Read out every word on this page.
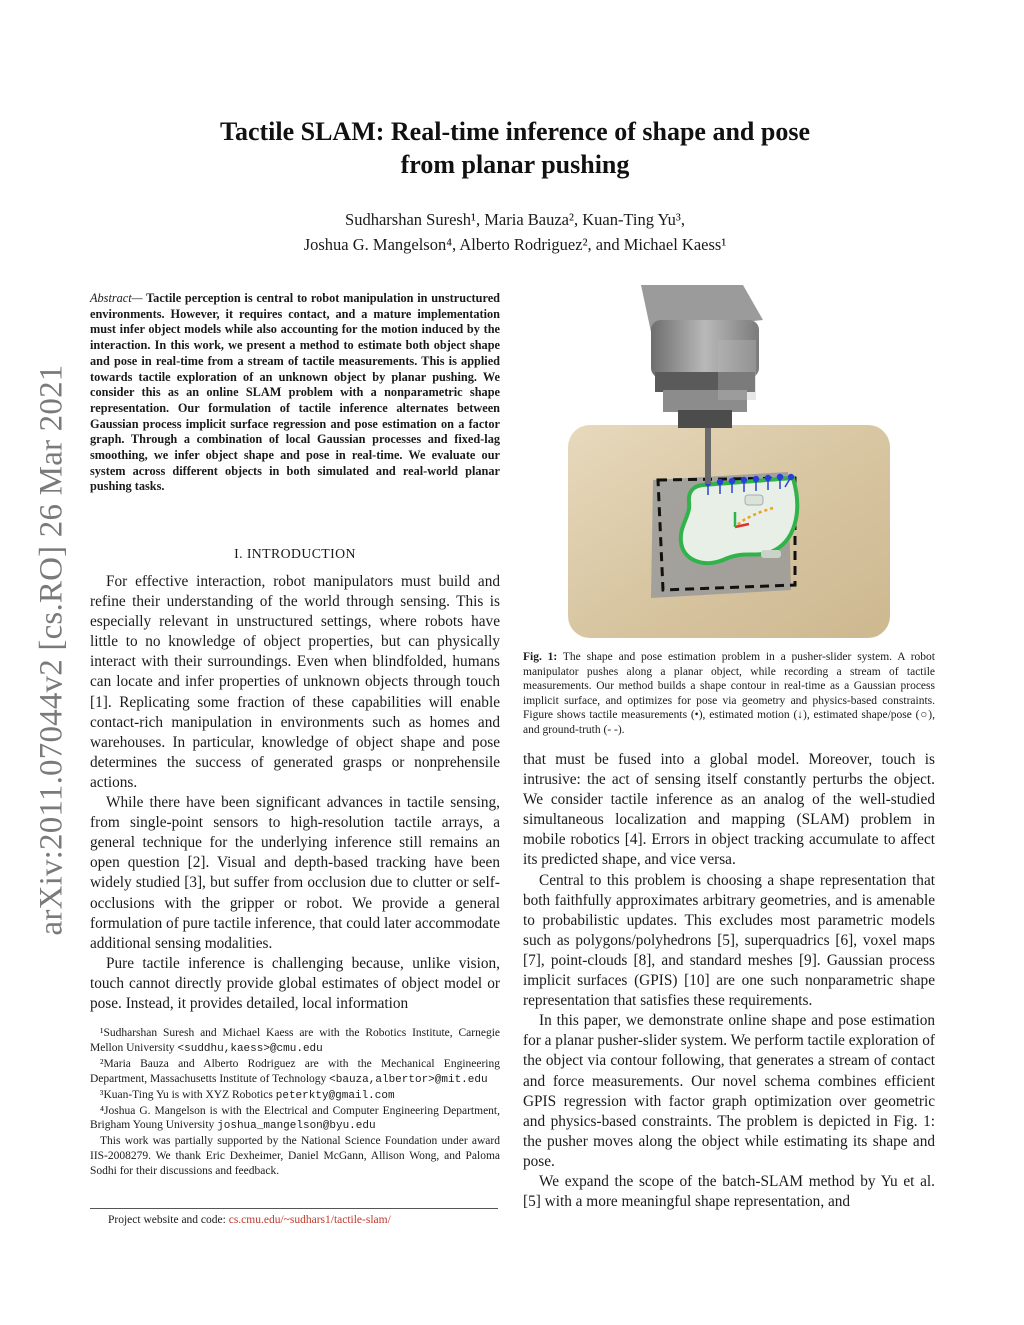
arXiv:2011.07044v2 [cs.RO] 26 Mar 2021
Tactile SLAM: Real-time inference of shape and pose
from planar pushing
Sudharshan Suresh¹, Maria Bauza², Kuan-Ting Yu³,
Joshua G. Mangelson⁴, Alberto Rodriguez², and Michael Kaess¹
Abstract— Tactile perception is central to robot manipulation in unstructured environments. However, it requires contact, and a mature implementation must infer object models while also accounting for the motion induced by the interaction. In this work, we present a method to estimate both object shape and pose in real-time from a stream of tactile measurements. This is applied towards tactile exploration of an unknown object by planar pushing. We consider this as an online SLAM problem with a nonparametric shape representation. Our formulation of tactile inference alternates between Gaussian process implicit surface regression and pose estimation on a factor graph. Through a combination of local Gaussian processes and fixed-lag smoothing, we infer object shape and pose in real-time. We evaluate our system across different objects in both simulated and real-world planar pushing tasks.
I. INTRODUCTION

For effective interaction, robot manipulators must build and refine their understanding of the world through sensing. This is especially relevant in unstructured settings, where robots have little to no knowledge of object properties, but can physically interact with their surroundings. Even when blindfolded, humans can locate and infer properties of unknown objects through touch [1]. Replicating some fraction of these capabilities will enable contact-rich manipulation in environments such as homes and warehouses. In particular, knowledge of object shape and pose determines the success of generated grasps or nonprehensile actions.

While there have been significant advances in tactile sensing, from single-point sensors to high-resolution tactile arrays, a general technique for the underlying inference still remains an open question [2]. Visual and depth-based tracking have been widely studied [3], but suffer from occlusion due to clutter or self-occlusions with the gripper or robot. We provide a general formulation of pure tactile inference, that could later accommodate additional sensing modalities.

Pure tactile inference is challenging because, unlike vision, touch cannot directly provide global estimates of object model or pose. Instead, it provides detailed, local information

¹Sudharshan Suresh and Michael Kaess are with the Robotics Institute, Carnegie Mellon University <suddhu,kaess>@cmu.edu

²Maria Bauza and Alberto Rodriguez are with the Mechanical Engineering Department, Massachusetts Institute of Technology <bauza,albertor>@mit.edu

³Kuan-Ting Yu is with XYZ Robotics peterkty@gmail.com

⁴Joshua G. Mangelson is with the Electrical and Computer Engineering Department, Brigham Young University joshua_mangelson@byu.edu

This work was partially supported by the National Science Foundation under award IIS-2008279. We thank Eric Dexheimer, Daniel McGann, Allison Wong, and Paloma Sodhi for their discussions and feedback.

Project website and code: cs.cmu.edu/~sudhars1/tactile-slam/
Fig. 1: The shape and pose estimation problem in a pusher-slider system. A robot manipulator pushes along a planar object, while recording a stream of tactile measurements. Our method builds a shape contour in real-time as a Gaussian process implicit surface, and optimizes for pose via geometry and physics-based constraints. Figure shows tactile measurements (•), estimated motion (↓), estimated shape/pose (○), and ground-truth (- -).

that must be fused into a global model. Moreover, touch is intrusive: the act of sensing itself constantly perturbs the object. We consider tactile inference as an analog of the well-studied simultaneous localization and mapping (SLAM) problem in mobile robotics [4]. Errors in object tracking accumulate to affect its predicted shape, and vice versa.

Central to this problem is choosing a shape representation that both faithfully approximates arbitrary geometries, and is amenable to probabilistic updates. This excludes most parametric models such as polygons/polyhedrons [5], superquadrics [6], voxel maps [7], point-clouds [8], and standard meshes [9]. Gaussian process implicit surfaces (GPIS) [10] are one such nonparametric shape representation that satisfies these requirements.

In this paper, we demonstrate online shape and pose estimation for a planar pusher-slider system. We perform tactile exploration of the object via contour following, that generates a stream of contact and force measurements. Our novel schema combines efficient GPIS regression with factor graph optimization over geometric and physics-based constraints. The problem is depicted in Fig. 1: the pusher moves along the object while estimating its shape and pose.

We expand the scope of the batch-SLAM method by Yu et al. [5] with a more meaningful shape representation, and
